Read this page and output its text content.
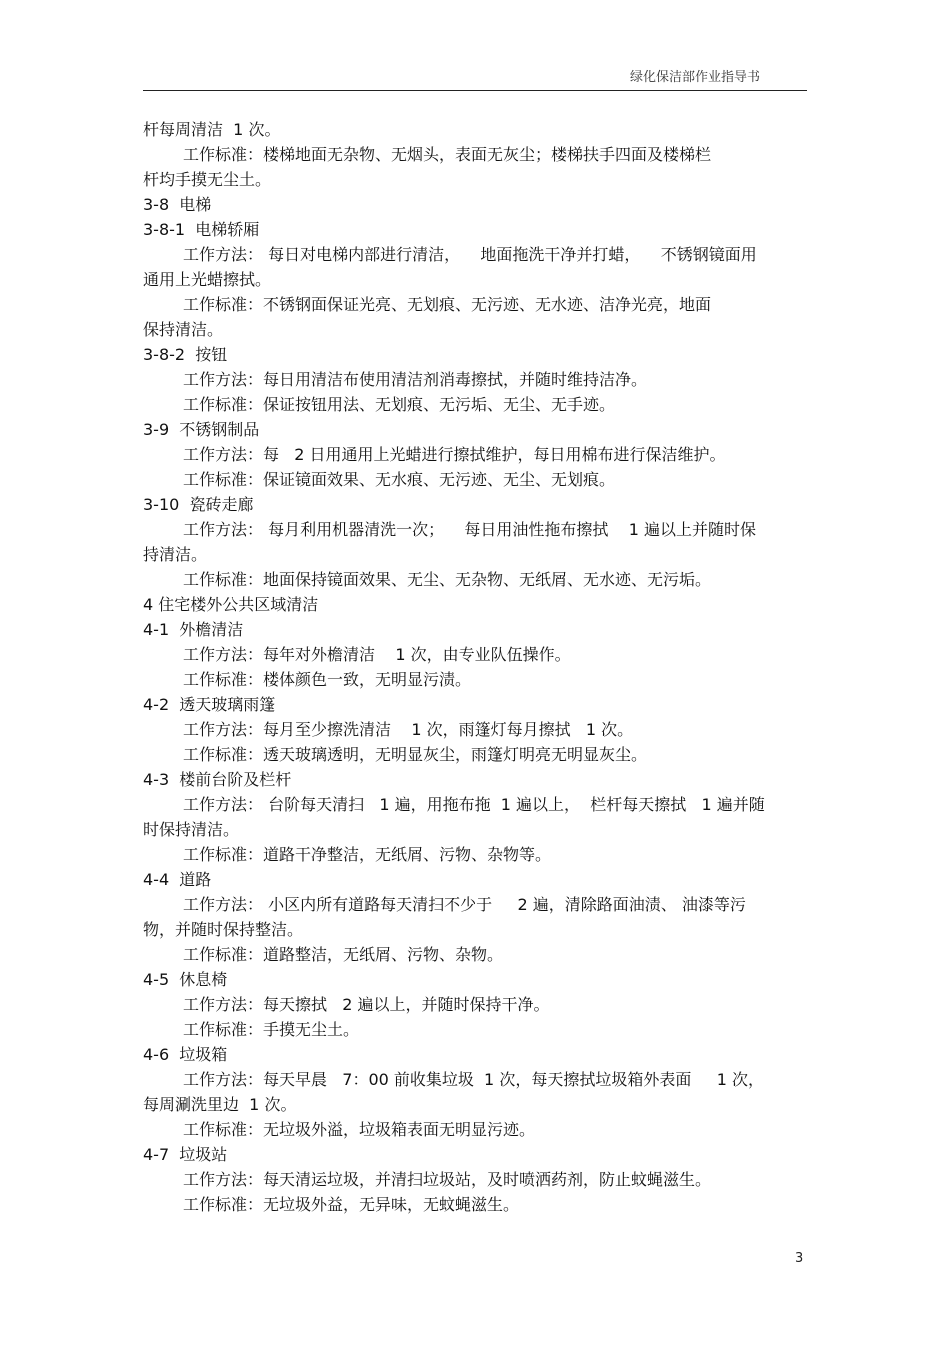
绿化保洁部作业指导书
杆每周清洁  1 次。
工作标准：楼梯地面无杂物、无烟头，表面无灰尘；楼梯扶手四面及楼梯栏
杆均手摸无尘土。
3-8  电梯
3-8-1  电梯轿厢
工作方法： 每日对电梯内部进行清洁，    地面拖洗干净并打蜡，    不锈钢镜面用
通用上光蜡擦拭。
工作标准：不锈钢面保证光亮、无划痕、无污迹、无水迹、洁净光亮，地面
保持清洁。
3-8-2  按钮
工作方法：每日用清洁布使用清洁剂消毒擦拭，并随时维持洁净。
工作标准：保证按钮用法、无划痕、无污垢、无尘、无手迹。
3-9  不锈钢制品
工作方法：每   2 日用通用上光蜡进行擦拭维护，每日用棉布进行保洁维护。
工作标准：保证镜面效果、无水痕、无污迹、无尘、无划痕。
3-10  瓷砖走廊
工作方法： 每月利用机器清洗一次；    每日用油性拖布擦拭    1 遍以上并随时保
持清洁。
工作标准：地面保持镜面效果、无尘、无杂物、无纸屑、无水迹、无污垢。
4 住宅楼外公共区域清洁
4-1  外檐清洁
工作方法：每年对外檐清洁    1 次，由专业队伍操作。
工作标准：楼体颜色一致，无明显污渍。
4-2  透天玻璃雨篷
工作方法：每月至少擦洗清洁    1 次，雨篷灯每月擦拭   1 次。
工作标准：透天玻璃透明，无明显灰尘，雨篷灯明亮无明显灰尘。
4-3  楼前台阶及栏杆
工作方法： 台阶每天清扫   1 遍，用拖布拖  1 遍以上，  栏杆每天擦拭   1 遍并随
时保持清洁。
工作标准：道路干净整洁，无纸屑、污物、杂物等。
4-4  道路
工作方法： 小区内所有道路每天清扫不少于     2 遍，清除路面油渍、 油漆等污
物，并随时保持整洁。
工作标准：道路整洁，无纸屑、污物、杂物。
4-5  休息椅
工作方法：每天擦拭   2 遍以上，并随时保持干净。
工作标准：手摸无尘土。
4-6  垃圾箱
工作方法：每天早晨   7：00 前收集垃圾  1 次，每天擦拭垃圾箱外表面     1 次，
每周涮洗里边  1 次。
工作标准：无垃圾外溢，垃圾箱表面无明显污迹。
4-7  垃圾站
工作方法：每天清运垃圾，并清扫垃圾站，及时喷洒药剂，防止蚊蝇滋生。
工作标准：无垃圾外益，无异味，无蚊蝇滋生。
3
